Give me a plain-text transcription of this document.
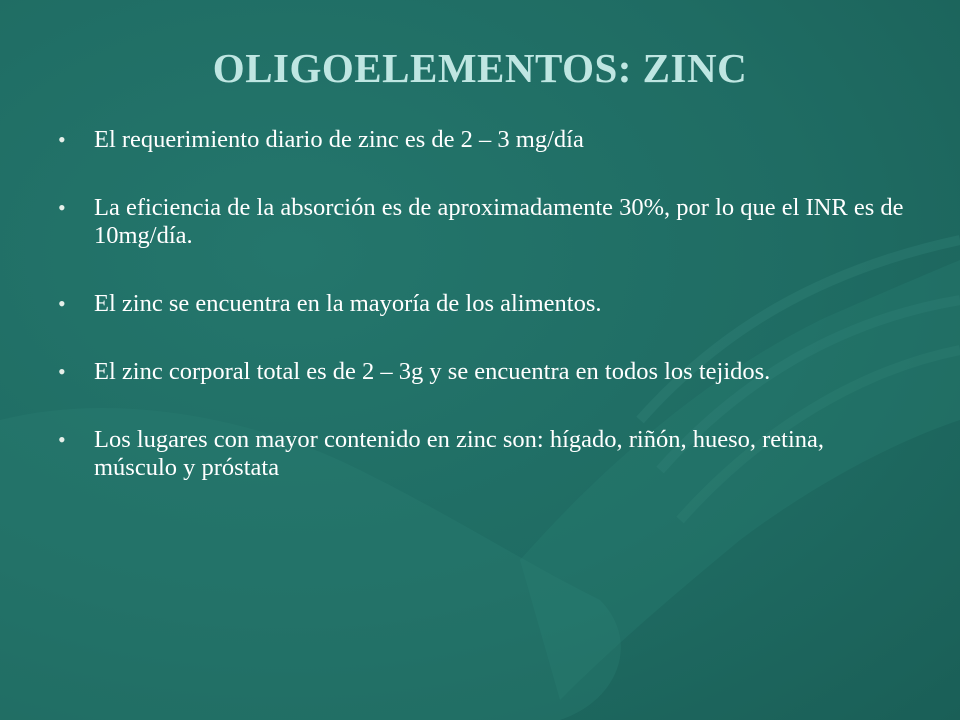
OLIGOELEMENTOS: ZINC
•	El requerimiento diario de zinc es de 2 – 3 mg/día
•	La eficiencia de la absorción es de aproximadamente 30%, por lo que el INR es de 10mg/día.
•	El zinc se encuentra en la mayoría de los alimentos.
•	El zinc corporal total es de 2 – 3g y se encuentra en todos los tejidos.
•	Los lugares con mayor contenido en zinc son: hígado, riñón, hueso, retina, músculo y próstata
